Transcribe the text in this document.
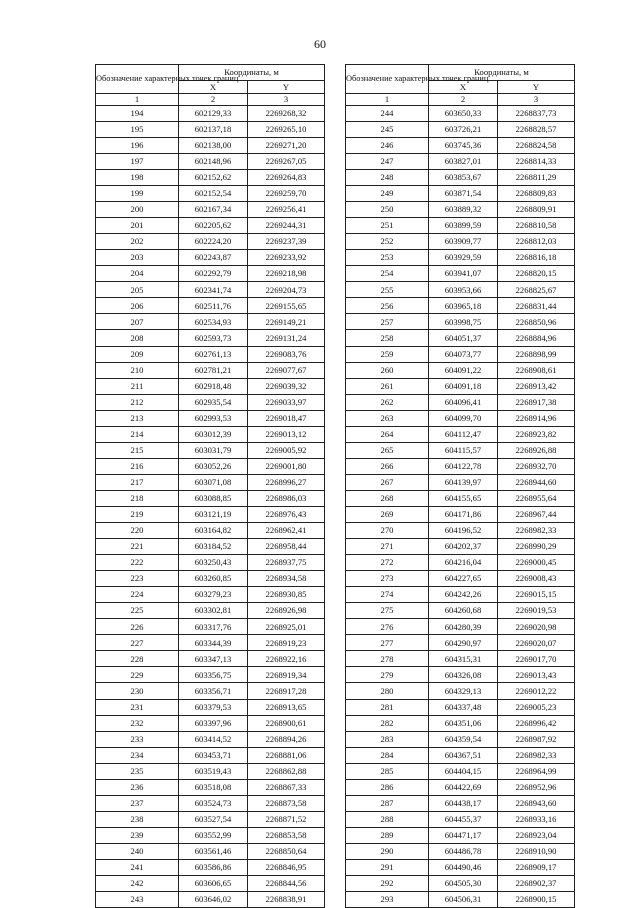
60
Обозначение характерных точек границ	Координаты, м	
	X	Y
1	2	3
194	602129,33	2269268,32
195	602137,18	2269265,10
196	602138,00	2269271,20
197	602148,96	2269267,05
198	602152,62	2269264,83
199	602152,54	2269259,70
200	602167,34	2269256,41
201	602205,62	2269244,31
202	602224,20	2269237,39
203	602243,87	2269233,92
204	602292,79	2269218,98
205	602341,74	2269204,73
206	602511,76	2269155,65
207	602534,93	2269149,21
208	602593,73	2269131,24
209	602761,13	2269083,76
210	602781,21	2269077,67
211	602918,48	2269039,32
212	602935,54	2269033,97
213	602993,53	2269018,47
214	603012,39	2269013,12
215	603031,79	2269005,92
216	603052,26	2269001,80
217	603071,08	2268996,27
218	603088,85	2268986,03
219	603121,19	2268976,43
220	603164,82	2268962,41
221	603184,52	2268958,44
222	603250,43	2268937,75
223	603260,85	2268934,58
224	603279,23	2268930,85
225	603302,81	2268926,98
226	603317,76	2268925,01
227	603344,39	2268919,23
228	603347,13	2268922,16
229	603356,75	2268919,34
230	603356,71	2268917,28
231	603379,53	2268913,65
232	603397,96	2268900,61
233	603414,52	2268894,26
234	603453,71	2268881,06
235	603519,43	2268862,88
236	603518,08	2268867,33
237	603524,73	2268873,58
238	603527,54	2268871,52
239	603552,99	2268853,58
240	603561,46	2268850,64
241	603586,86	2268846,95
242	603606,65	2268844,56
243	603646,02	2268838,91
Обозначение характерных точек границ	Координаты, м	
	X	Y
1	2	3
244	603650,33	2268837,73
245	603726,21	2268828,57
246	603745,36	2268824,58
247	603827,01	2268814,33
248	603853,67	2268811,29
249	603871,54	2268809,83
250	603889,32	2268809,91
251	603899,59	2268810,58
252	603909,77	2268812,03
253	603929,59	2268816,18
254	603941,07	2268820,15
255	603953,66	2268825,67
256	603965,18	2268831,44
257	603998,75	2268850,96
258	604051,37	2268884,96
259	604073,77	2268898,99
260	604091,22	2268908,61
261	604091,18	2268913,42
262	604096,41	2268917,38
263	604099,70	2268914,96
264	604112,47	2268923,82
265	604115,57	2268926,88
266	604122,78	2268932,70
267	604139,97	2268944,60
268	604155,65	2268955,64
269	604171,86	2268967,44
270	604196,52	2268982,33
271	604202,37	2268990,29
272	604216,04	2269000,45
273	604227,65	2269008,43
274	604242,26	2269015,15
275	604260,68	2269019,53
276	604280,39	2269020,98
277	604290,97	2269020,07
278	604315,31	2269017,70
279	604326,08	2269013,43
280	604329,13	2269012,22
281	604337,48	2269005,23
282	604351,06	2268996,42
283	604359,54	2268987,92
284	604367,51	2268982,33
285	604404,15	2268964,99
286	604422,69	2268952,96
287	604438,17	2268943,60
288	604455,37	2268933,16
289	604471,17	2268923,04
290	604486,78	2268910,90
291	604490,46	2268909,17
292	604505,30	2268902,37
293	604506,31	2268900,15
